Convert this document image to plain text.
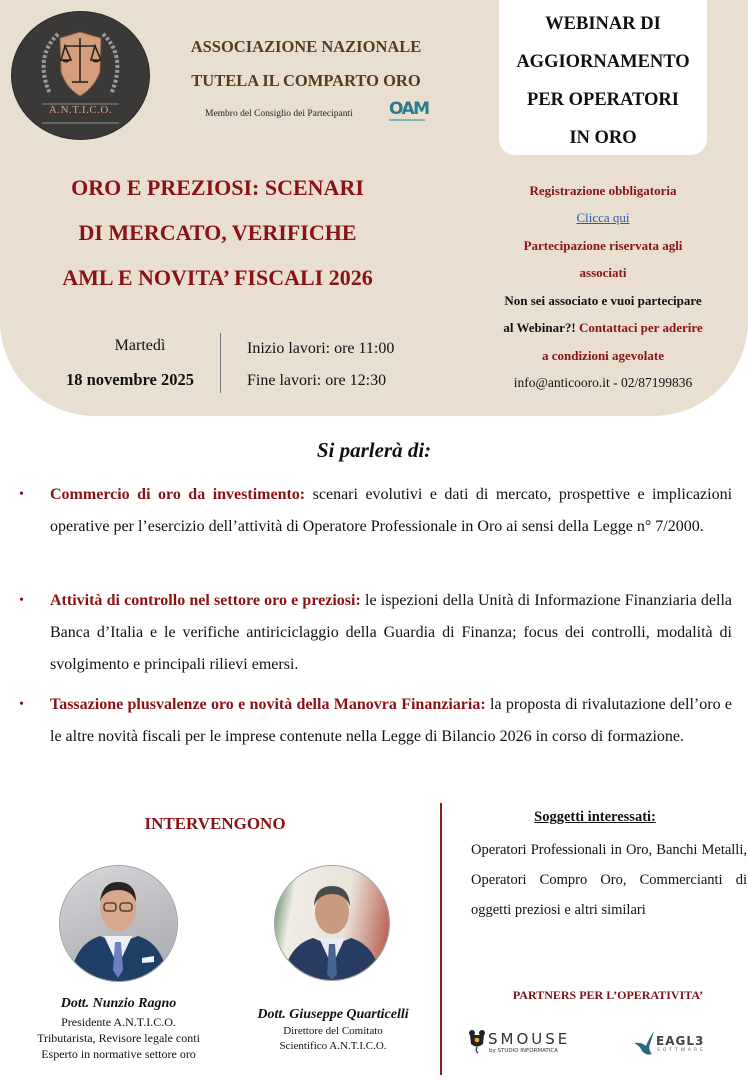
A.N.T.I.C.O.
ASSOCIAZIONE NAZIONALE
TUTELA IL COMPARTO ORO
Membro del Consiglio dei Partecipanti OAM
WEBINAR DI
AGGIORNAMENTO
PER OPERATORI
IN ORO
ORO E PREZIOSI: SCENARI
DI MERCATO, VERIFICHE
AML E NOVITA’ FISCALI 2026
Martedì
18 novembre 2025
Inizio lavori: ore 11:00
Fine lavori: ore 12:30
Registrazione obbligatoria
Clicca qui
Partecipazione riservata agli
associati
Non sei associato e vuoi partecipare
al Webinar?! Contattaci per aderire
a condizioni agevolate
info@anticooro.it - 02/87199836
Si parlerà di:
• Commercio di oro da investimento: scenari evolutivi e dati di mercato, prospettive e implicazioni operative per l’esercizio dell’attività di Operatore Professionale in Oro ai sensi della Legge n° 7/2000.
• Attività di controllo nel settore oro e preziosi: le ispezioni della Unità di Informazione Finanziaria della Banca d’Italia e le verifiche antiriciclaggio della Guardia di Finanza; focus dei controlli, modalità di svolgimento e principali rilievi emersi.
• Tassazione plusvalenze oro e novità della Manovra Finanziaria: la proposta di rivalutazione dell’oro e le altre novità fiscali per le imprese contenute nella Legge di Bilancio 2026 in corso di formazione.
INTERVENGONO
Dott. Nunzio Ragno
Presidente A.N.T.I.C.O.
Tributarista, Revisore legale conti
Esperto in normative settore oro
Dott. Giuseppe Quarticelli
Direttore del Comitato
Scientifico A.N.T.I.C.O.
Soggetti interessati:
Operatori Professionali in Oro, Banchi Metalli, Operatori Compro Oro, Commercianti di oggetti preziosi e altri similari
PARTNERS PER L’OPERATIVITA’
SMOUSE
by STUDIO INFORMATICA
EAGL3
SOFTWARE
